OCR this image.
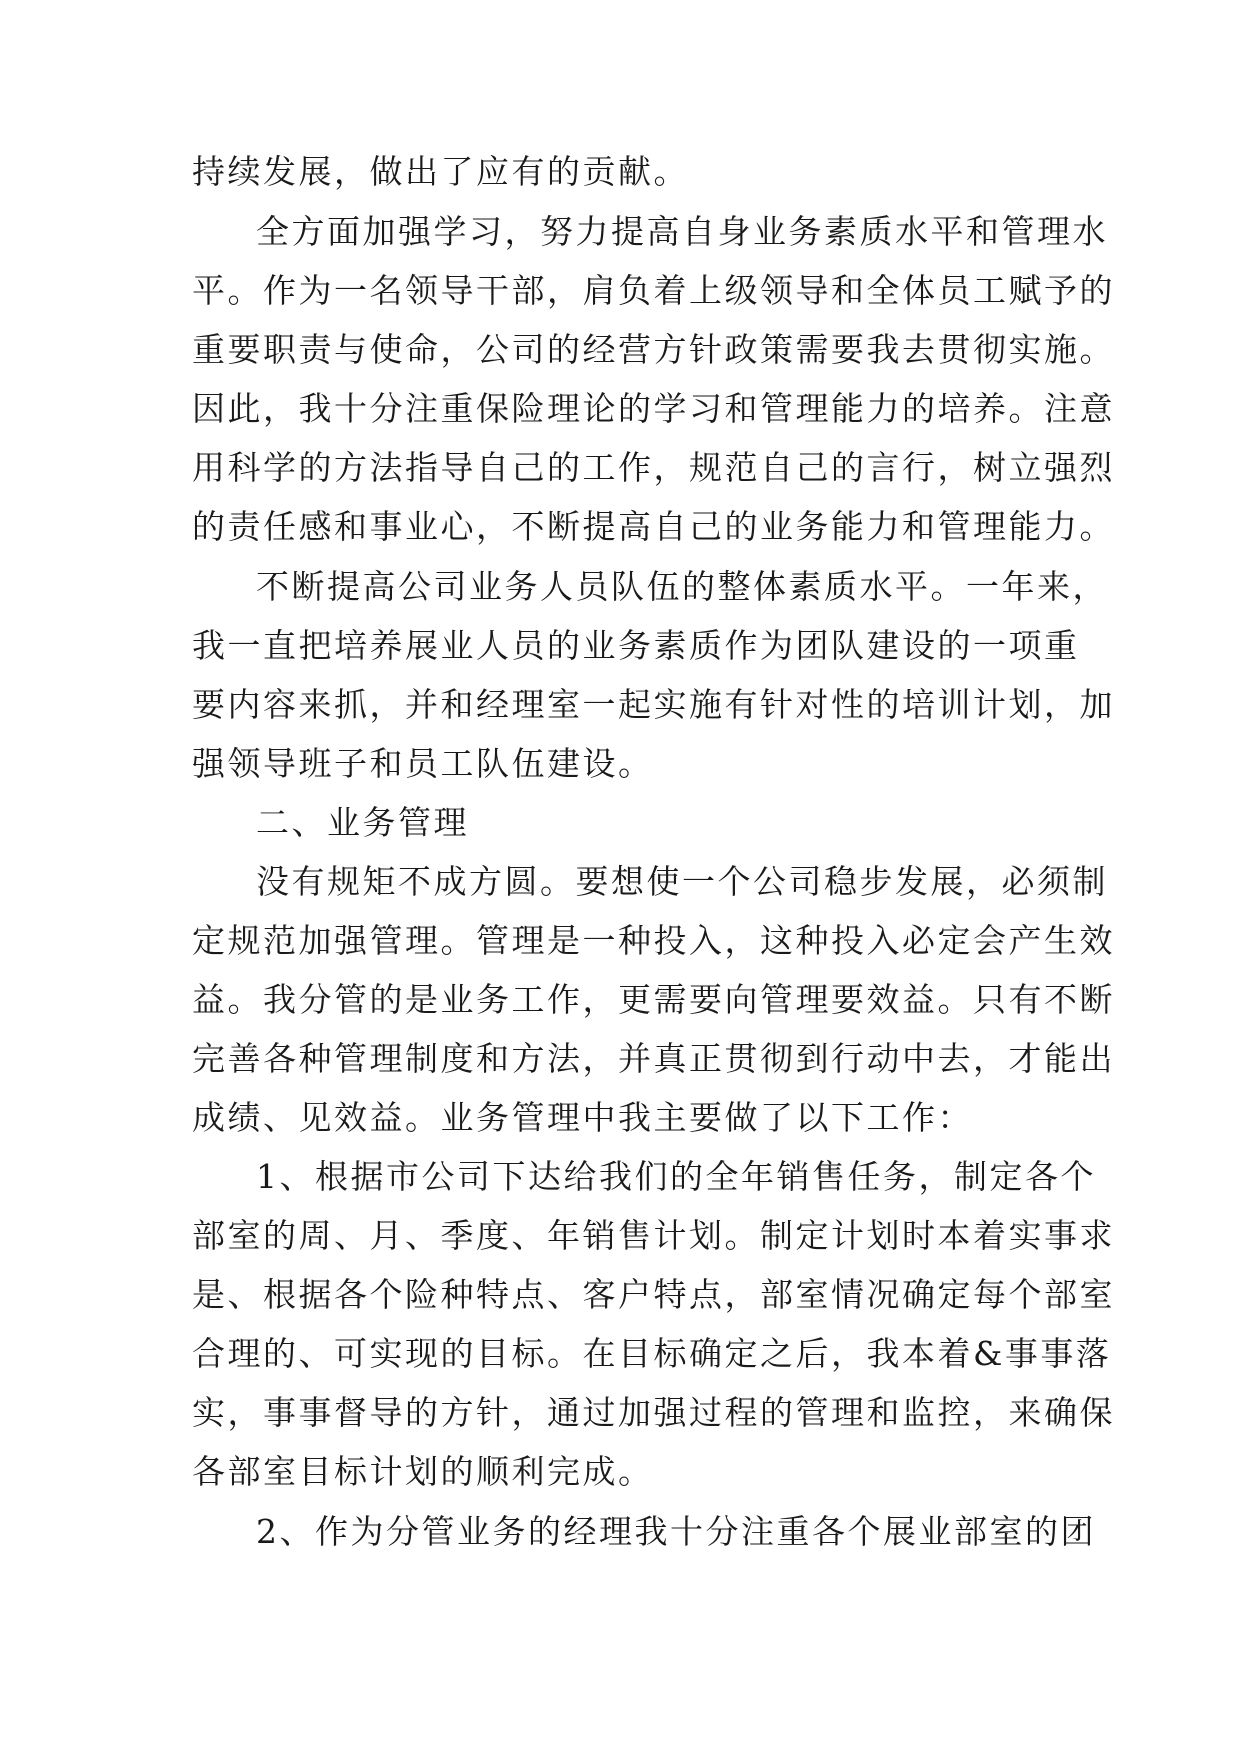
持续发展，做出了应有的贡献。
全方面加强学习，努力提高自身业务素质水平和管理水
平。作为一名领导干部，肩负着上级领导和全体员工赋予的
重要职责与使命，公司的经营方针政策需要我去贯彻实施。
因此，我十分注重保险理论的学习和管理能力的培养。注意
用科学的方法指导自己的工作，规范自己的言行，树立强烈
的责任感和事业心，不断提高自己的业务能力和管理能力。
不断提高公司业务人员队伍的整体素质水平。一年来，
我一直把培养展业人员的业务素质作为团队建设的一项重
要内容来抓，并和经理室一起实施有针对性的培训计划，加
强领导班子和员工队伍建设。
二、业务管理
没有规矩不成方圆。要想使一个公司稳步发展，必须制
定规范加强管理。管理是一种投入，这种投入必定会产生效
益。我分管的是业务工作，更需要向管理要效益。只有不断
完善各种管理制度和方法，并真正贯彻到行动中去，才能出
成绩、见效益。业务管理中我主要做了以下工作：
1、根据市公司下达给我们的全年销售任务，制定各个
部室的周、月、季度、年销售计划。制定计划时本着实事求
是、根据各个险种特点、客户特点，部室情况确定每个部室
合理的、可实现的目标。在目标确定之后，我本着&事事落
实，事事督导的方针，通过加强过程的管理和监控，来确保
各部室目标计划的顺利完成。
2、作为分管业务的经理我十分注重各个展业部室的团
